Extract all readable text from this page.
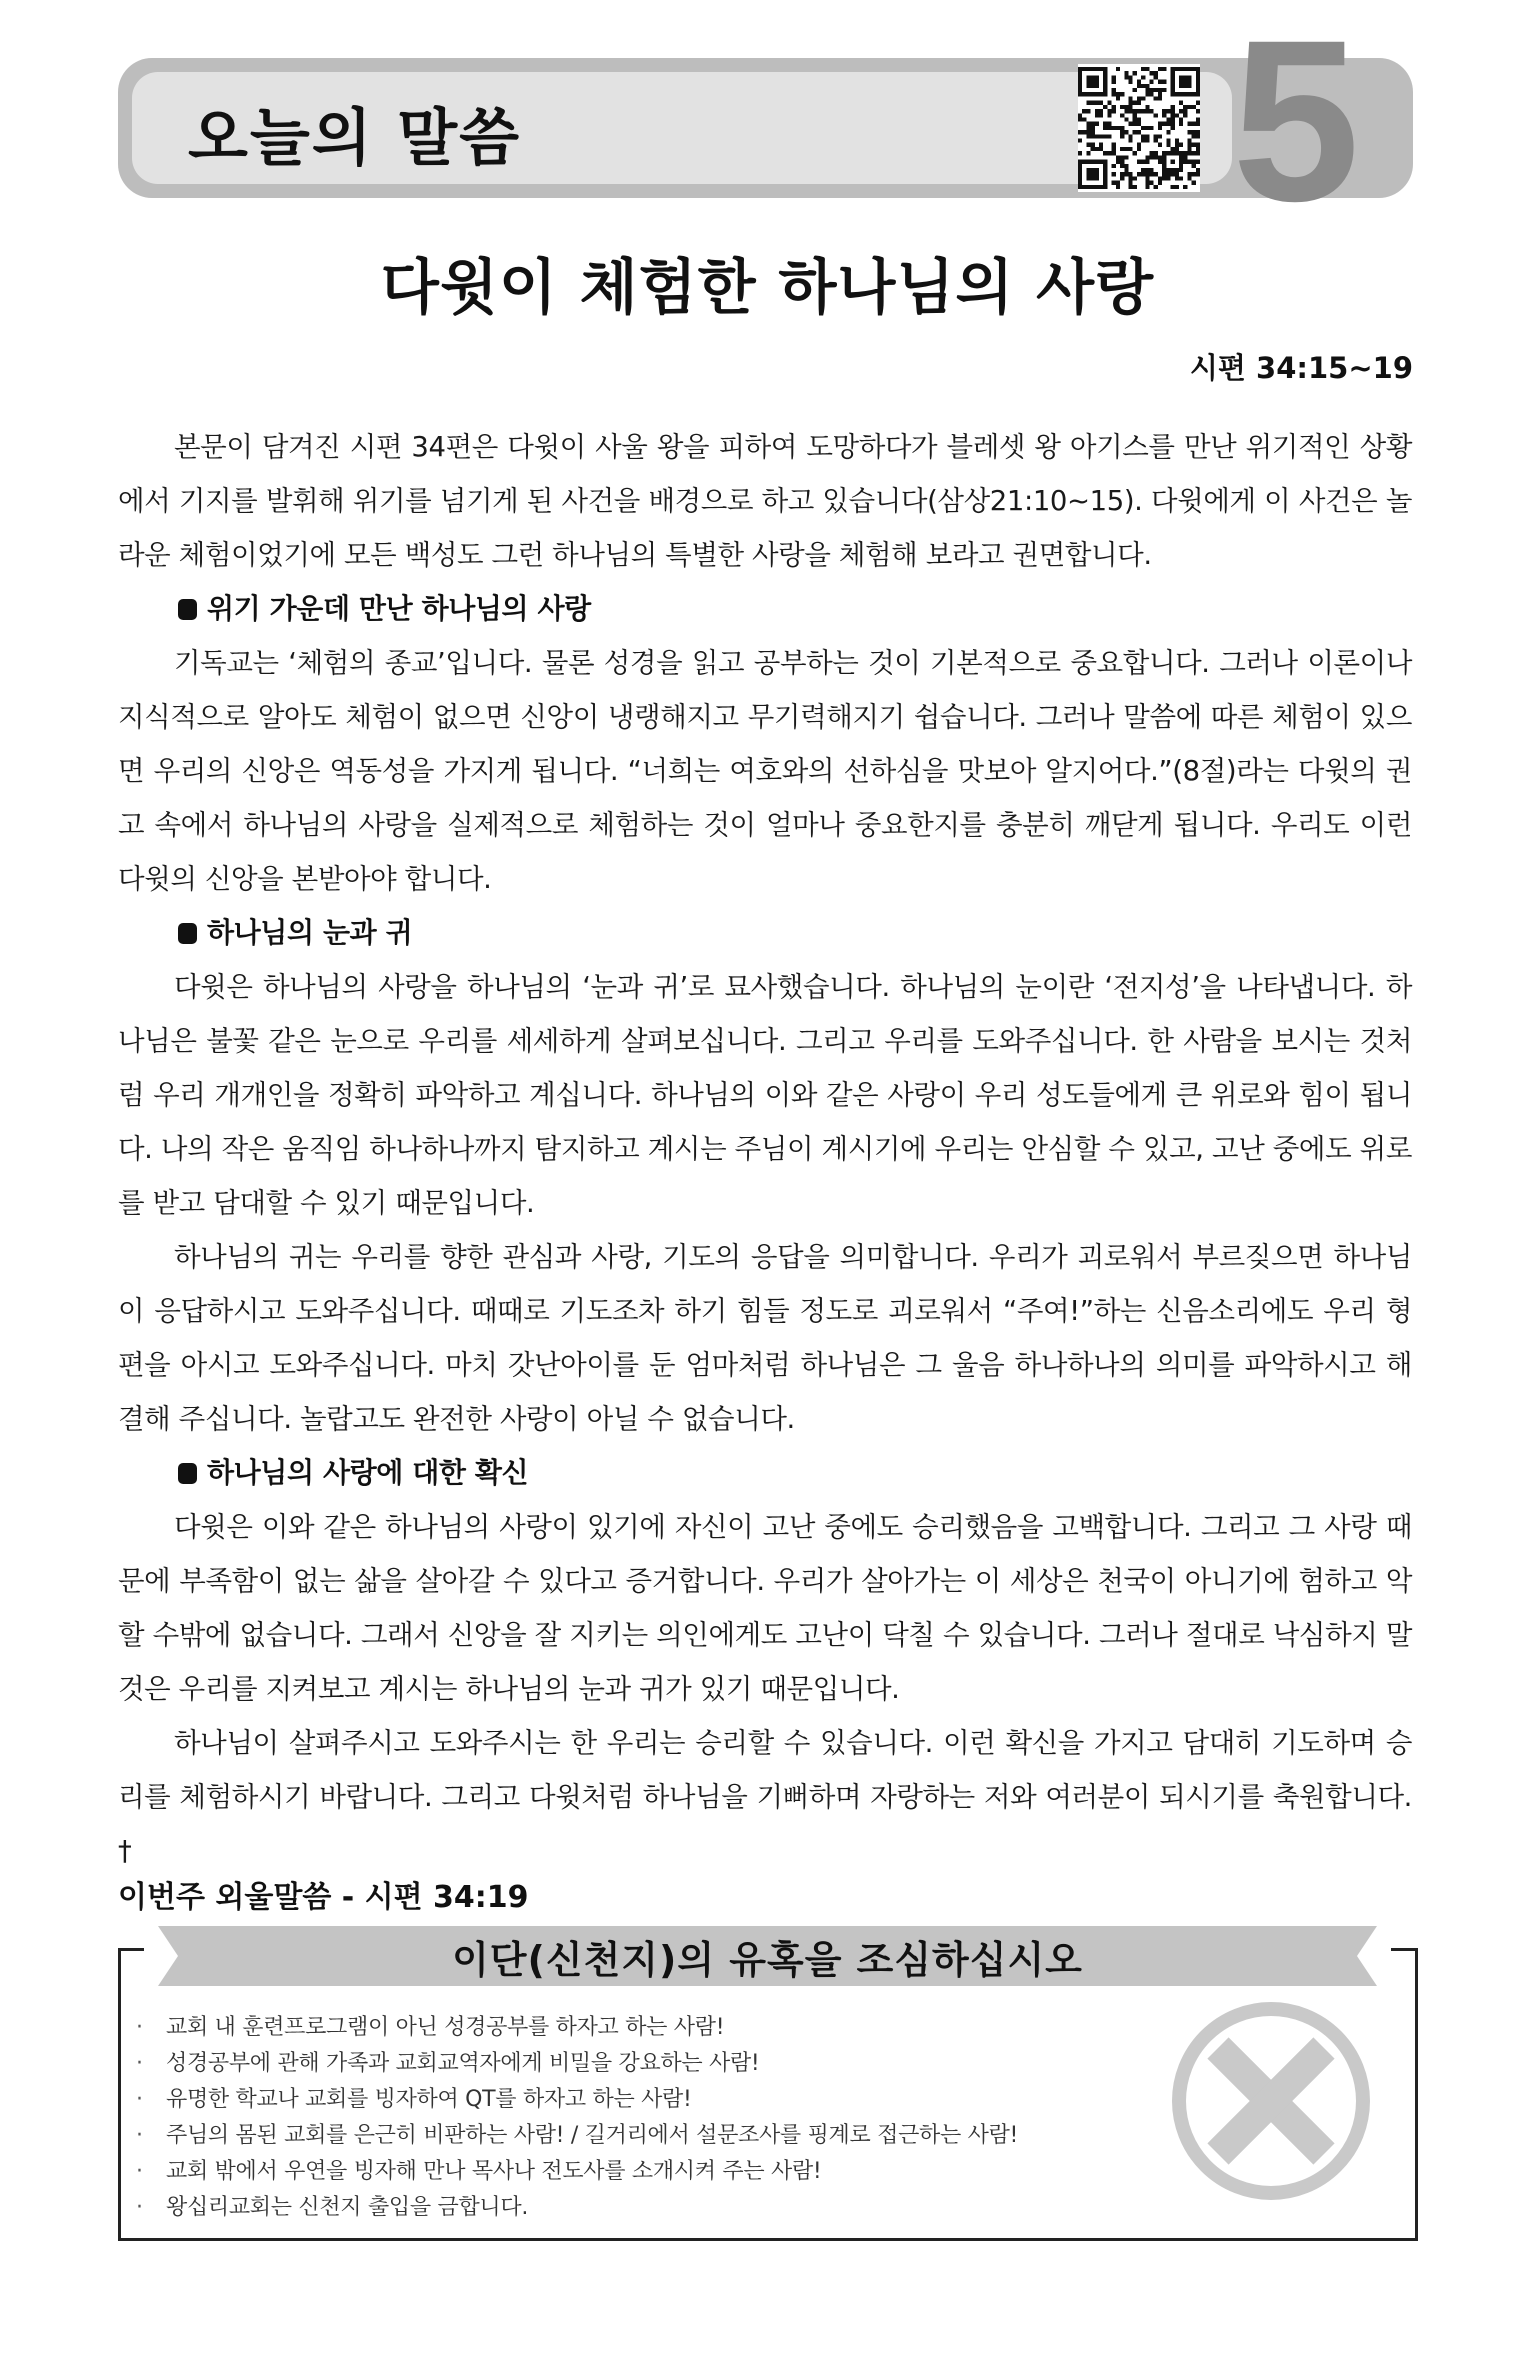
오늘의 말씀	5
다윗이 체험한 하나님의 사랑
시편 34:15~19

본문이 담겨진 시편 34편은 다윗이 사울 왕을 피하여 도망하다가 블레셋 왕 아기스를 만난 위기적인 상황에서 기지를 발휘해 위기를 넘기게 된 사건을 배경으로 하고 있습니다(삼상21:10~15). 다윗에게 이 사건은 놀라운 체험이었기에 모든 백성도 그런 하나님의 특별한 사랑을 체험해 보라고 권면합니다.

위기 가운데 만난 하나님의 사랑

기독교는 ‘체험의 종교’입니다. 물론 성경을 읽고 공부하는 것이 기본적으로 중요합니다. 그러나 이론이나 지식적으로 알아도 체험이 없으면 신앙이 냉랭해지고 무기력해지기 쉽습니다. 그러나 말씀에 따른 체험이 있으면 우리의 신앙은 역동성을 가지게 됩니다. “너희는 여호와의 선하심을 맛보아 알지어다.”(8절)라는 다윗의 권고 속에서 하나님의 사랑을 실제적으로 체험하는 것이 얼마나 중요한지를 충분히 깨닫게 됩니다. 우리도 이런 다윗의 신앙을 본받아야 합니다.

하나님의 눈과 귀

다윗은 하나님의 사랑을 하나님의 ‘눈과 귀’로 묘사했습니다. 하나님의 눈이란 ‘전지성’을 나타냅니다. 하나님은 불꽃 같은 눈으로 우리를 세세하게 살펴보십니다. 그리고 우리를 도와주십니다. 한 사람을 보시는 것처럼 우리 개개인을 정확히 파악하고 계십니다. 하나님의 이와 같은 사랑이 우리 성도들에게 큰 위로와 힘이 됩니다. 나의 작은 움직임 하나하나까지 탐지하고 계시는 주님이 계시기에 우리는 안심할 수 있고, 고난 중에도 위로를 받고 담대할 수 있기 때문입니다.

하나님의 귀는 우리를 향한 관심과 사랑, 기도의 응답을 의미합니다. 우리가 괴로워서 부르짖으면 하나님이 응답하시고 도와주십니다. 때때로 기도조차 하기 힘들 정도로 괴로워서 “주여!”하는 신음소리에도 우리 형편을 아시고 도와주십니다. 마치 갓난아이를 둔 엄마처럼 하나님은 그 울음 하나하나의 의미를 파악하시고 해결해 주십니다. 놀랍고도 완전한 사랑이 아닐 수 없습니다.

하나님의 사랑에 대한 확신

다윗은 이와 같은 하나님의 사랑이 있기에 자신이 고난 중에도 승리했음을 고백합니다. 그리고 그 사랑 때문에 부족함이 없는 삶을 살아갈 수 있다고 증거합니다. 우리가 살아가는 이 세상은 천국이 아니기에 험하고 악할 수밖에 없습니다. 그래서 신앙을 잘 지키는 의인에게도 고난이 닥칠 수 있습니다. 그러나 절대로 낙심하지 말 것은 우리를 지켜보고 계시는 하나님의 눈과 귀가 있기 때문입니다.

하나님이 살펴주시고 도와주시는 한 우리는 승리할 수 있습니다. 이런 확신을 가지고 담대히 기도하며 승리를 체험하시기 바랍니다. 그리고 다윗처럼 하나님을 기뻐하며 자랑하는 저와 여러분이 되시기를 축원합니다. †

이번주 외울말씀 - 시편 34:19
이단(신천지)의 유혹을 조심하십시오
· 교회 내 훈련프로그램이 아닌 성경공부를 하자고 하는 사람!
· 성경공부에 관해 가족과 교회교역자에게 비밀을 강요하는 사람!
· 유명한 학교나 교회를 빙자하여 QT를 하자고 하는 사람!
· 주님의 몸된 교회를 은근히 비판하는 사람! / 길거리에서 설문조사를 핑계로 접근하는 사람!
· 교회 밖에서 우연을 빙자해 만나 목사나 전도사를 소개시켜 주는 사람!
· 왕십리교회는 신천지 출입을 금합니다.
